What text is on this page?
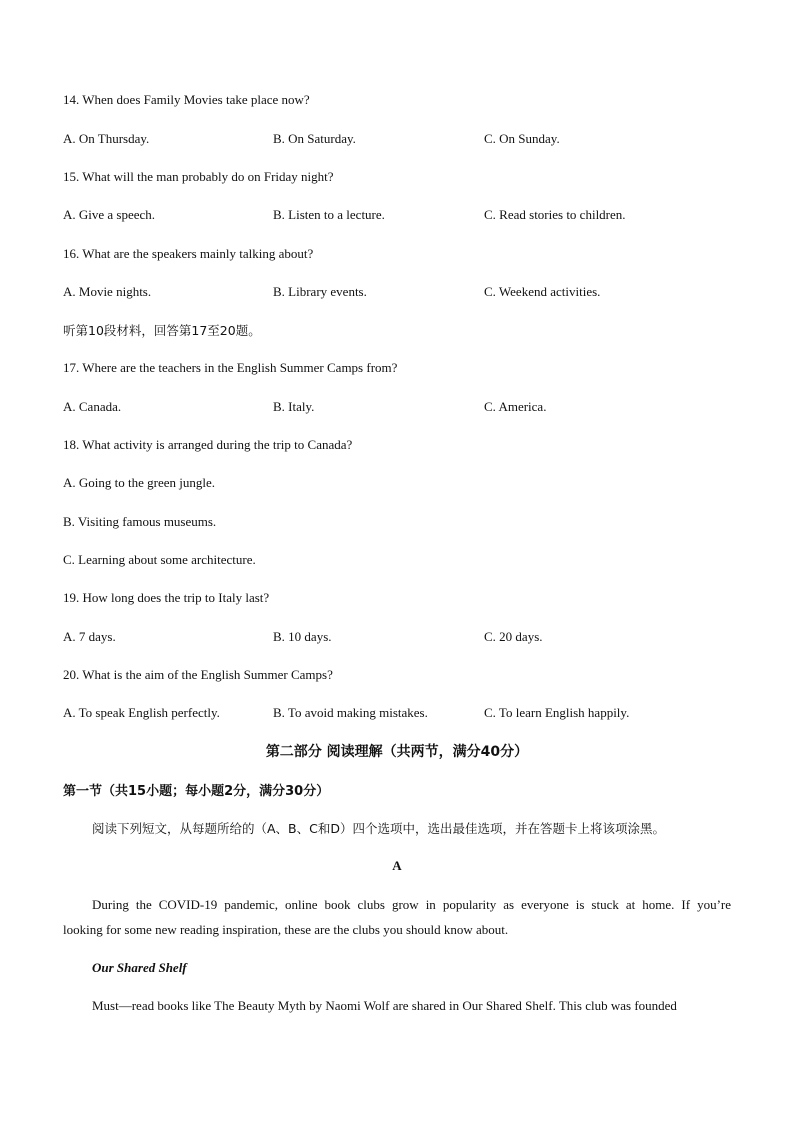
14. When does Family Movies take place now?
A. On Thursday.	B. On Saturday.	C. On Sunday.
15. What will the man probably do on Friday night?
A. Give a speech.	B. Listen to a lecture.	C. Read stories to children.
16. What are the speakers mainly talking about?
A. Movie nights.	B. Library events.	C. Weekend activities.
听第10段材料，回答第17至20题。
17. Where are the teachers in the English Summer Camps from?
A. Canada.	B. Italy.	C. America.
18. What activity is arranged during the trip to Canada?
A. Going to the green jungle.
B. Visiting famous museums.
C. Learning about some architecture.
19. How long does the trip to Italy last?
A. 7 days.	B. 10 days.	C. 20 days.
20. What is the aim of the English Summer Camps?
A. To speak English perfectly.	B. To avoid making mistakes.	C. To learn English happily.
第二部分 阅读理解（共两节，满分40分）
第一节（共15小题；每小题2分，满分30分）
阅读下列短文，从每题所给的（A、B、C和D）四个选项中，选出最佳选项，并在答题卡上将该项涂黑。
A
During the COVID-19 pandemic, online book clubs grow in popularity as everyone is stuck at home. If you’re
looking for some new reading inspiration, these are the clubs you should know about.
Our Shared Shelf
Must—read books like The Beauty Myth by Naomi Wolf are shared in Our Shared Shelf. This club was founded
